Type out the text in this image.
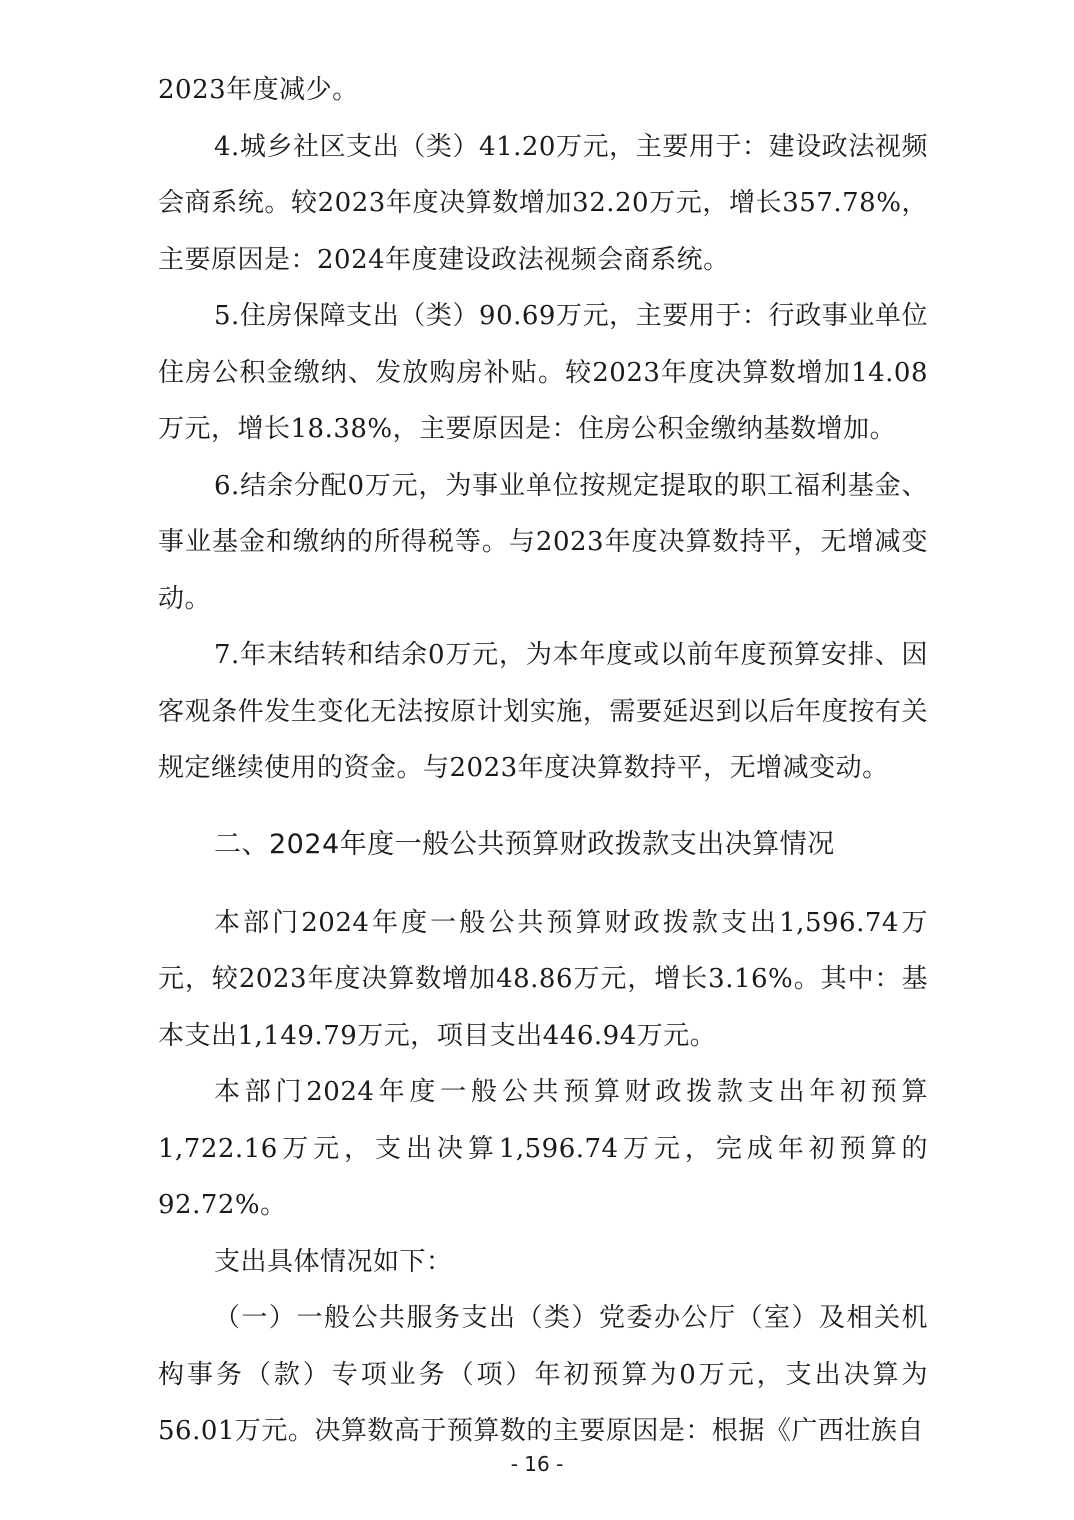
2023年度减少。

4.城乡社区支出（类）41.20万元，主要用于：建设政法视频会商系统。较2023年度决算数增加32.20万元，增长357.78%，主要原因是：2024年度建设政法视频会商系统。

5.住房保障支出（类）90.69万元，主要用于：行政事业单位住房公积金缴纳、发放购房补贴。较2023年度决算数增加14.08万元，增长18.38%，主要原因是：住房公积金缴纳基数增加。

6.结余分配0万元，为事业单位按规定提取的职工福利基金、事业基金和缴纳的所得税等。与2023年度决算数持平，无增减变动。

7.年末结转和结余0万元，为本年度或以前年度预算安排、因客观条件发生变化无法按原计划实施，需要延迟到以后年度按有关规定继续使用的资金。与2023年度决算数持平，无增减变动。

二、2024年度一般公共预算财政拨款支出决算情况

本部门2024年度一般公共预算财政拨款支出1,596.74万元，较2023年度决算数增加48.86万元，增长3.16%。其中：基本支出1,149.79万元，项目支出446.94万元。

本部门2024年度一般公共预算财政拨款支出年初预算1,722.16万元，支出决算1,596.74万元，完成年初预算的92.72%。

支出具体情况如下：

（一）一般公共服务支出（类）党委办公厅（室）及相关机构事务（款）专项业务（项）年初预算为0万元，支出决算为56.01万元。决算数高于预算数的主要原因是：根据《广西壮族自

- 16 -
